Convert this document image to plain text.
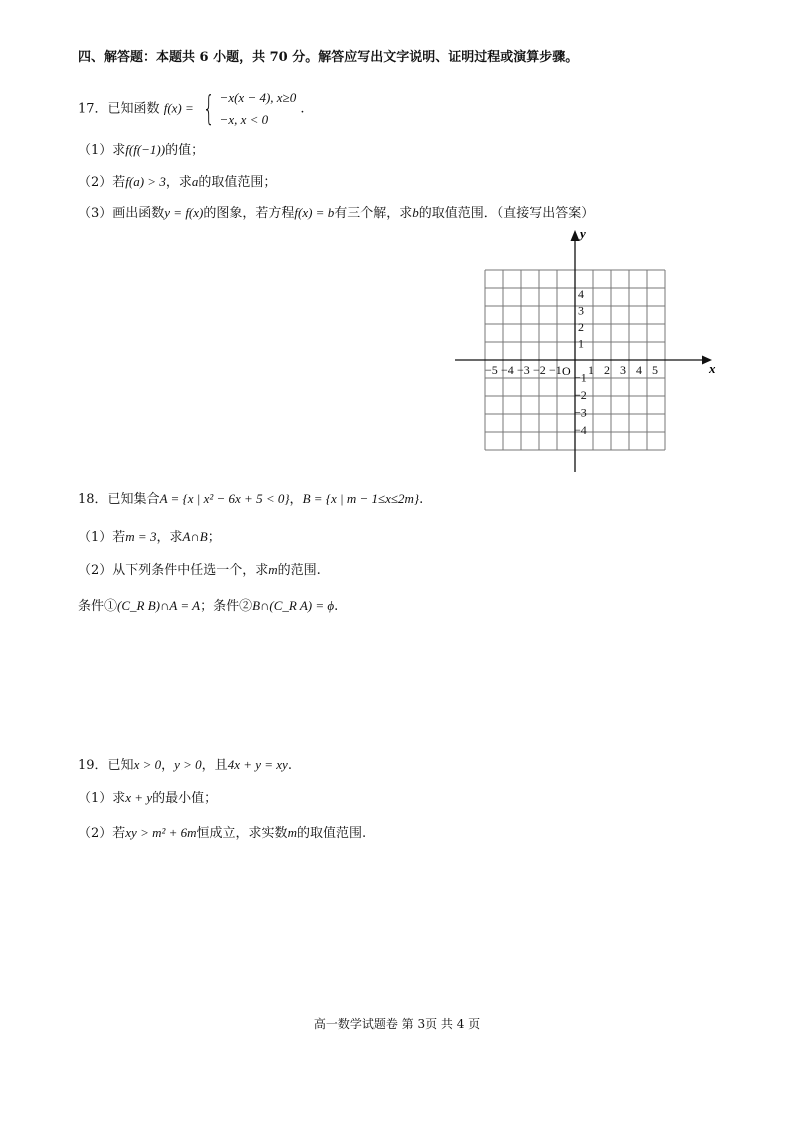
四、解答题：本题共 6 小题，共 70 分。解答应写出文字说明、证明过程或演算步骤。
17．已知函数 f(x) = { −x(x − 4), x≥0
−x, x < 0 .
（1）求f(f(−1))的值；
（2）若f(a) > 3，求a的取值范围；
（3）画出函数y = f(x)的图象，若方程f(x) = b有三个解，求b的取值范围．（直接写出答案）
x
y
O
−5 −4 −3 −2 −1 1 2 3 4 5
4
3
2
1
−1
−2
−3
−4
18．已知集合A = {x | x² − 6x + 5 < 0}，B = {x | m − 1≤x≤2m}.
（1）若m = 3，求A∩B；
（2）从下列条件中任选一个，求m的范围.
条件①(C_R B)∩A = A；条件②B∩(C_R A) = ϕ.
19．已知x > 0，y > 0，且4x + y = xy.
（1）求x + y的最小值；
（2）若xy > m² + 6m恒成立，求实数m的取值范围.
高一数学试题卷 第 3页 共 4 页
